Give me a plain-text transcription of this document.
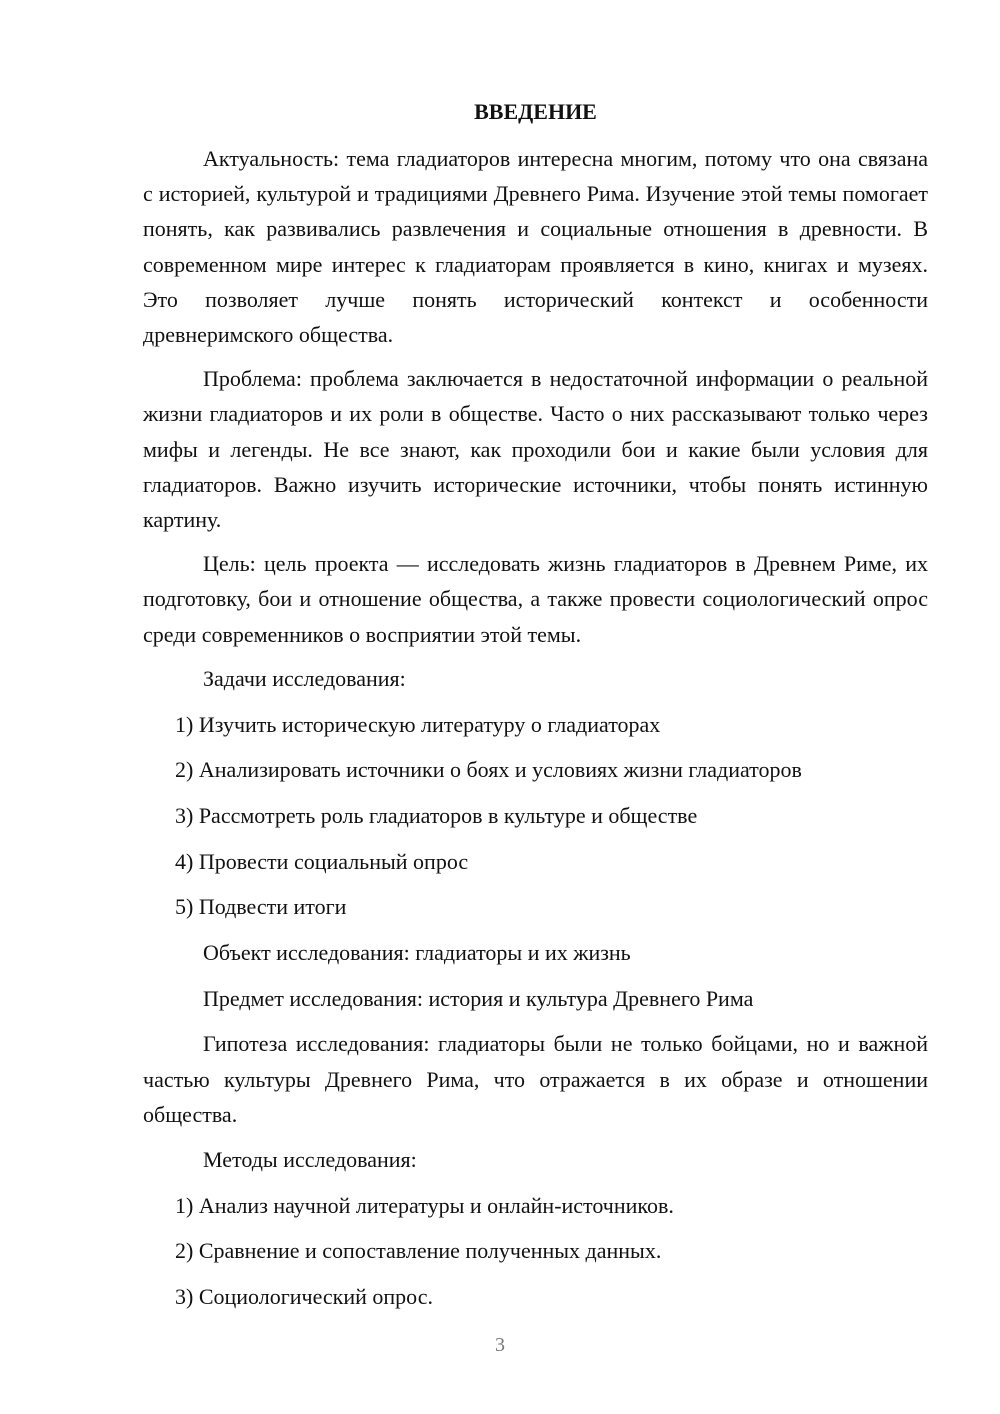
ВВЕДЕНИЕ

Актуальность: тема гладиаторов интересна многим, потому что она связана с историей, культурой и традициями Древнего Рима. Изучение этой темы помогает понять, как развивались развлечения и социальные отношения в древности. В современном мире интерес к гладиаторам проявляется в кино, книгах и музеях. Это позволяет лучше понять исторический контекст и особенности древнеримского общества.

Проблема: проблема заключается в недостаточной информации о реальной жизни гладиаторов и их роли в обществе. Часто о них рассказывают только через мифы и легенды. Не все знают, как проходили бои и какие были условия для гладиаторов. Важно изучить исторические источники, чтобы понять истинную картину.

Цель: цель проекта — исследовать жизнь гладиаторов в Древнем Риме, их подготовку, бои и отношение общества, а также провести социологический опрос среди современников о восприятии этой темы.

Задачи исследования:
1) Изучить историческую литературу о гладиаторах
2) Анализировать источники о боях и условиях жизни гладиаторов
3) Рассмотреть роль гладиаторов в культуре и обществе
4) Провести социальный опрос
5) Подвести итоги
Объект исследования: гладиаторы и их жизнь
Предмет исследования: история и культура Древнего Рима

Гипотеза исследования: гладиаторы были не только бойцами, но и важной частью культуры Древнего Рима, что отражается в их образе и отношении общества.

Методы исследования:
1) Анализ научной литературы и онлайн-источников.
2) Сравнение и сопоставление полученных данных.
3) Социологический опрос.
3
